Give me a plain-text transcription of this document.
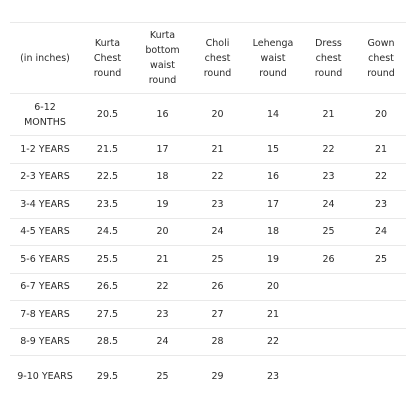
(in inches)	Kurta Chest round	Kurta bottom waist round	Choli chest round	Lehenga waist round	Dress chest round	Gown chest round
6-12 MONTHS	20.5	16	20	14	21	20
1-2 YEARS	21.5	17	21	15	22	21
2-3 YEARS	22.5	18	22	16	23	22
3-4 YEARS	23.5	19	23	17	24	23
4-5 YEARS	24.5	20	24	18	25	24
5-6 YEARS	25.5	21	25	19	26	25
6-7 YEARS	26.5	22	26	20		
7-8 YEARS	27.5	23	27	21		
8-9 YEARS	28.5	24	28	22		
9-10 YEARS	29.5	25	29	23		
